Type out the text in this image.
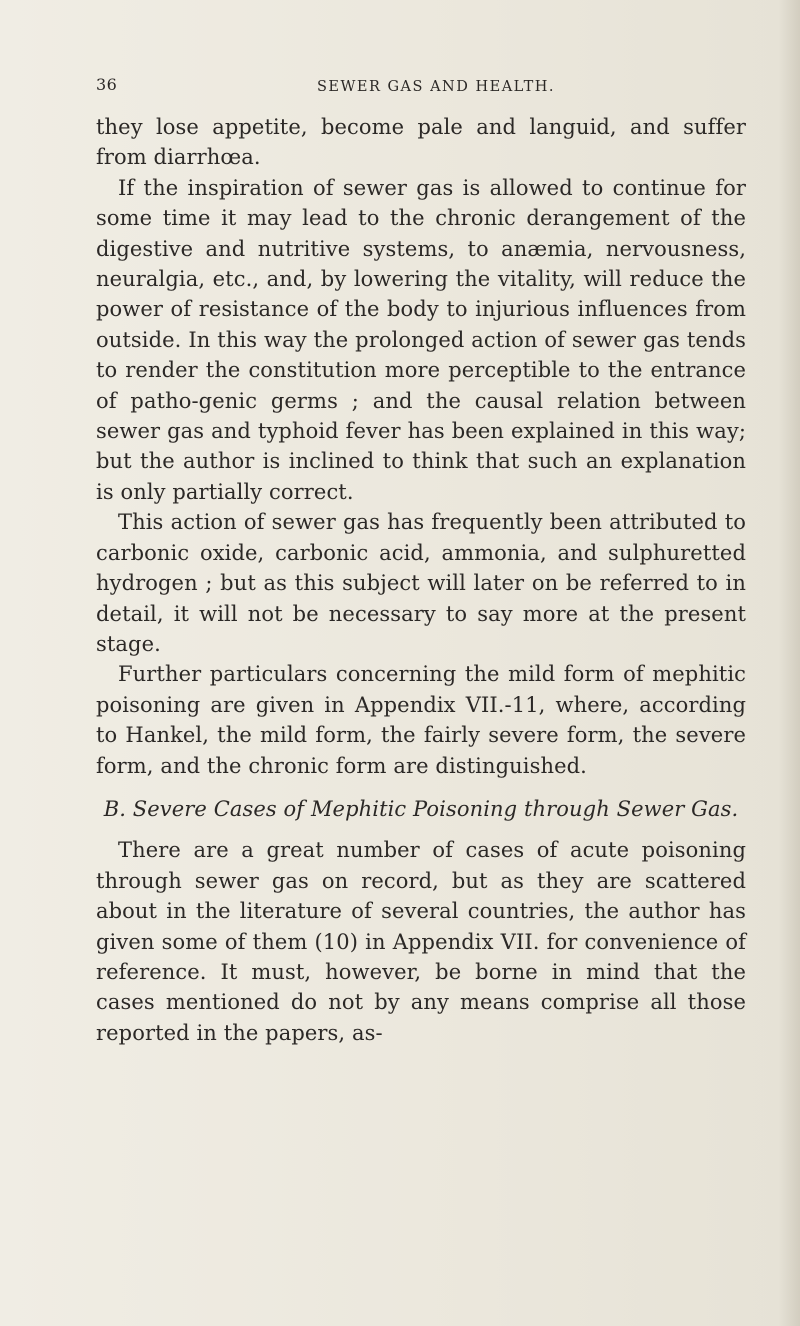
36	SEWER GAS AND HEALTH.

they lose appetite, become pale and languid, and suffer from diarrhœa.

If the inspiration of sewer gas is allowed to continue for some time it may lead to the chronic derangement of the digestive and nutritive systems, to anæmia, nervousness, neuralgia, etc., and, by lowering the vitality, will reduce the power of resistance of the body to injurious influences from outside. In this way the prolonged action of sewer gas tends to render the constitution more perceptible to the entrance of patho-genic germs ; and the causal relation between sewer gas and typhoid fever has been explained in this way; but the author is inclined to think that such an explanation is only partially correct.

This action of sewer gas has frequently been attributed to carbonic oxide, carbonic acid, ammonia, and sulphuretted hydrogen ; but as this subject will later on be referred to in detail, it will not be necessary to say more at the present stage.

Further particulars concerning the mild form of mephitic poisoning are given in Appendix VII.-11, where, according to Hankel, the mild form, the fairly severe form, the severe form, and the chronic form are distinguished.

B. Severe Cases of Mephitic Poisoning through Sewer Gas.

There are a great number of cases of acute poisoning through sewer gas on record, but as they are scattered about in the literature of several countries, the author has given some of them (10) in Appendix VII. for convenience of reference. It must, however, be borne in mind that the cases mentioned do not by any means comprise all those reported in the papers, as-
